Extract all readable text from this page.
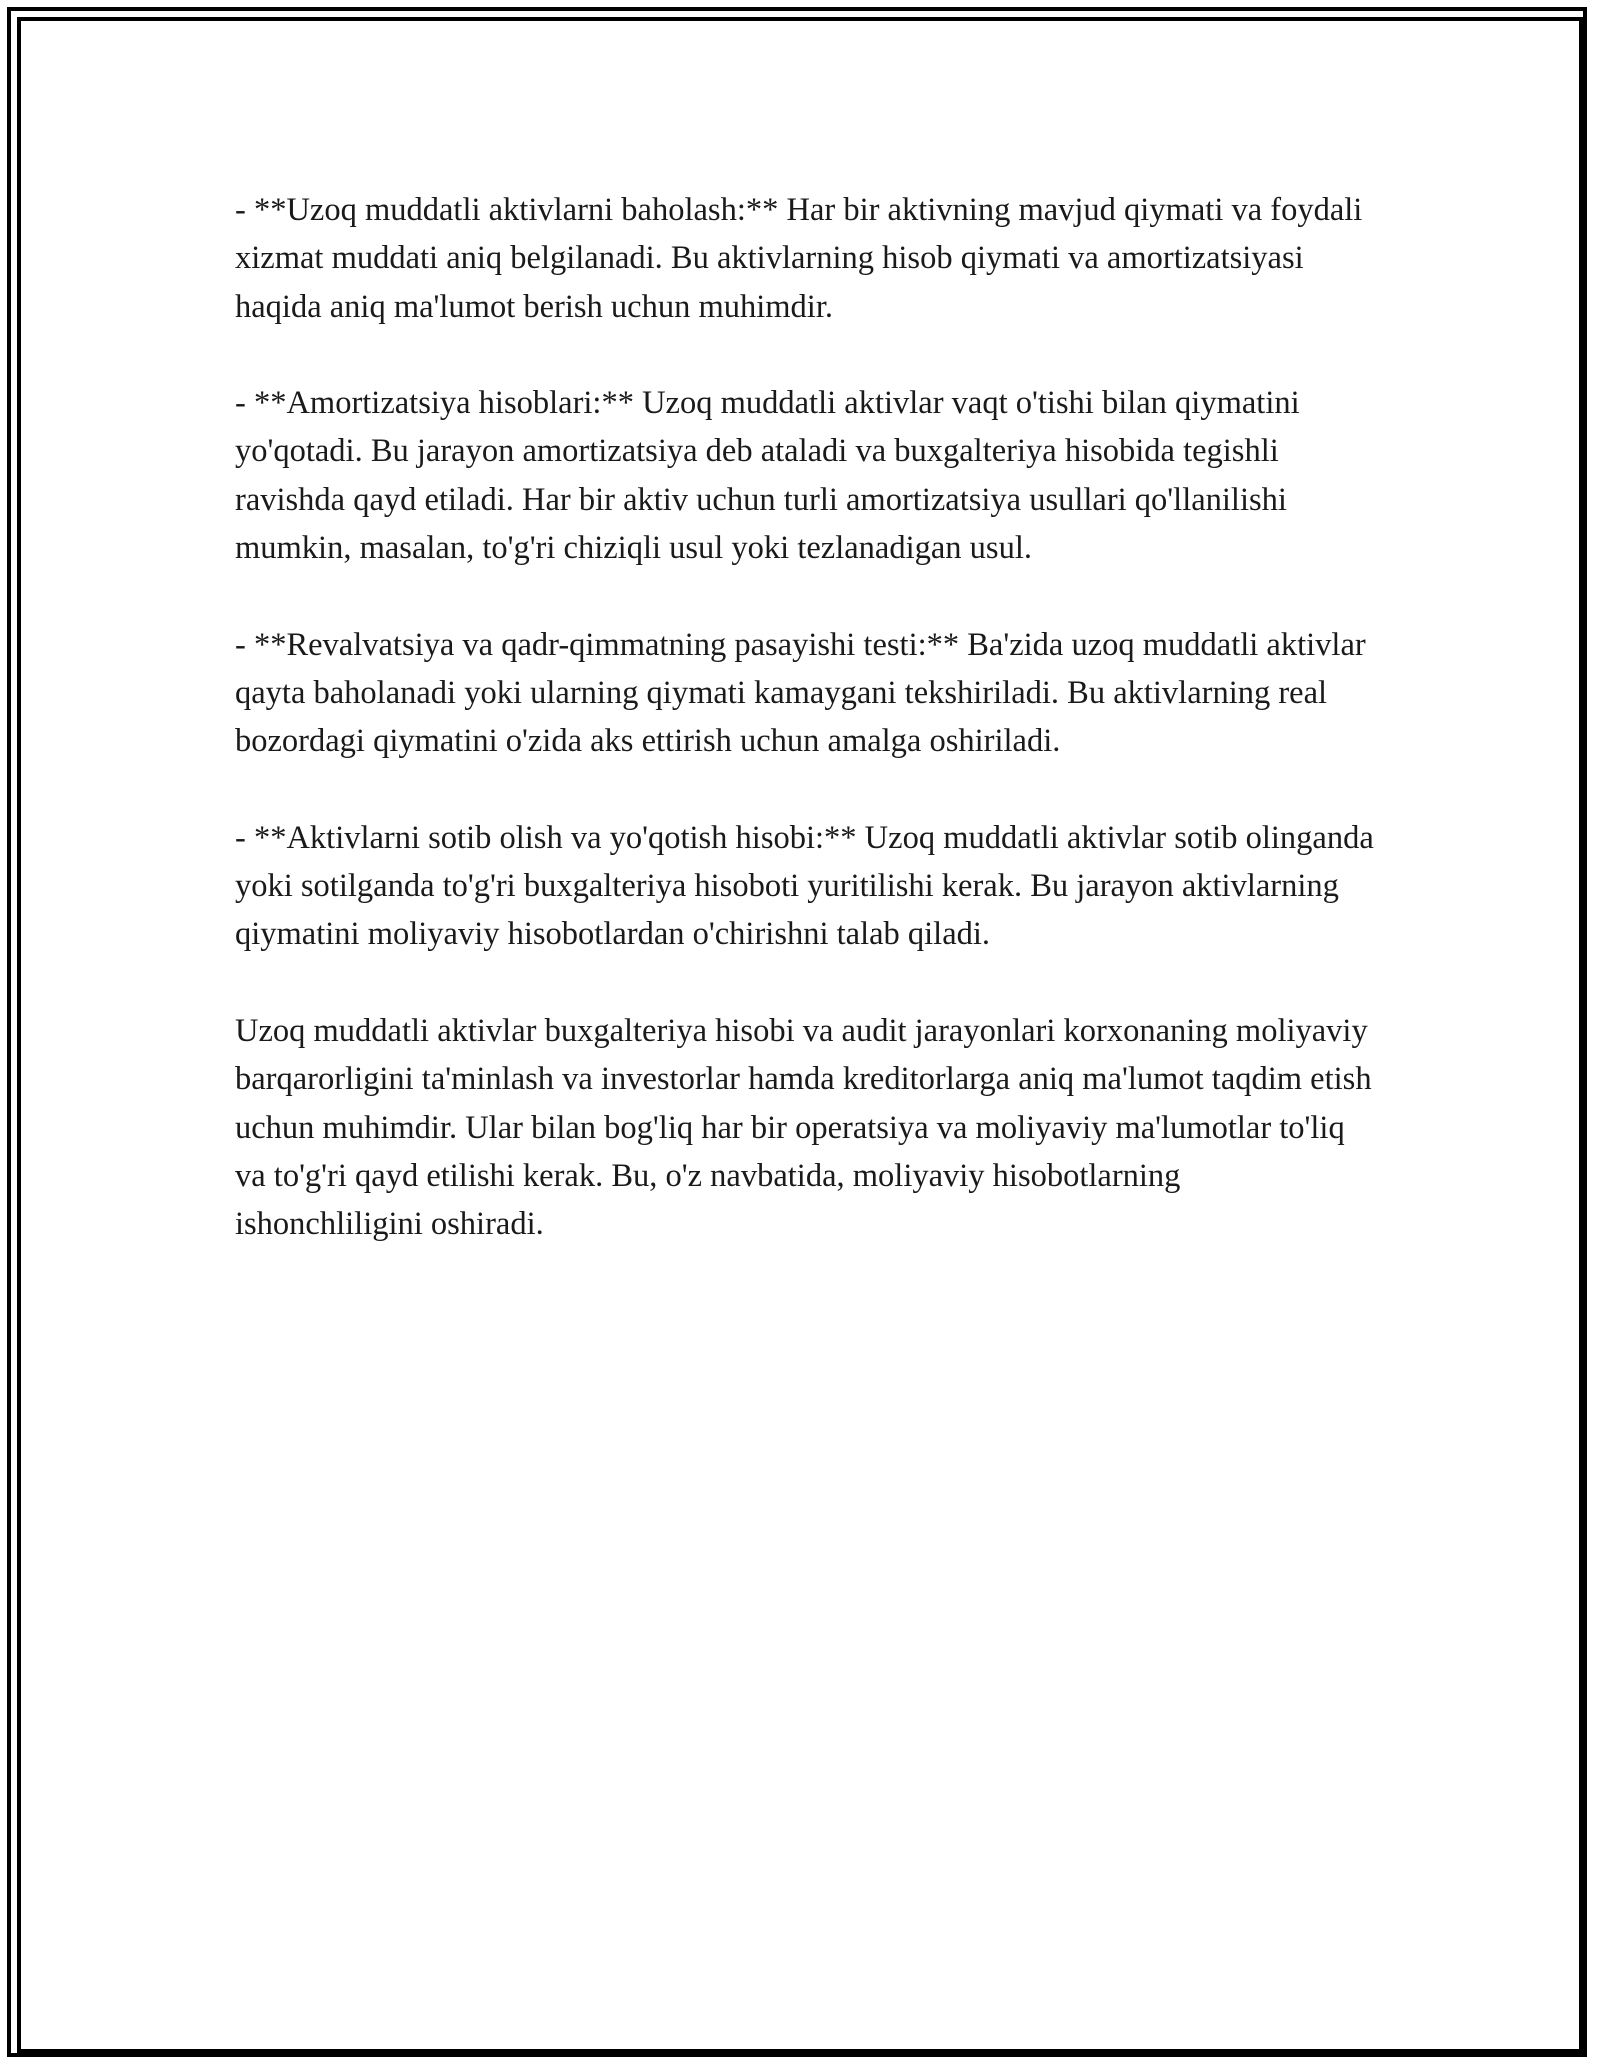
- **Uzoq muddatli aktivlarni baholash:** Har bir aktivning mavjud qiymati va foydali xizmat muddati aniq belgilanadi. Bu aktivlarning hisob qiymati va amortizatsiyasi haqida aniq ma'lumot berish uchun muhimdir.

- **Amortizatsiya hisoblari:** Uzoq muddatli aktivlar vaqt o'tishi bilan qiymatini yo'qotadi. Bu jarayon amortizatsiya deb ataladi va buxgalteriya hisobida tegishli ravishda qayd etiladi. Har bir aktiv uchun turli amortizatsiya usullari qo'llanilishi mumkin, masalan, to'g'ri chiziqli usul yoki tezlanadigan usul.

- **Revalvatsiya va qadr-qimmatning pasayishi testi:** Ba'zida uzoq muddatli aktivlar qayta baholanadi yoki ularning qiymati kamaygani tekshiriladi. Bu aktivlarning real bozordagi qiymatini o'zida aks ettirish uchun amalga oshiriladi.

- **Aktivlarni sotib olish va yo'qotish hisobi:** Uzoq muddatli aktivlar sotib olinganda yoki sotilganda to'g'ri buxgalteriya hisoboti yuritilishi kerak. Bu jarayon aktivlarning qiymatini moliyaviy hisobotlardan o'chirishni talab qiladi.

Uzoq muddatli aktivlar buxgalteriya hisobi va audit jarayonlari korxonaning moliyaviy barqarorligini ta'minlash va investorlar hamda kreditorlarga aniq ma'lumot taqdim etish uchun muhimdir. Ular bilan bog'liq har bir operatsiya va moliyaviy ma'lumotlar to'liq va to'g'ri qayd etilishi kerak. Bu, o'z navbatida, moliyaviy hisobotlarning ishonchliligini oshiradi.
